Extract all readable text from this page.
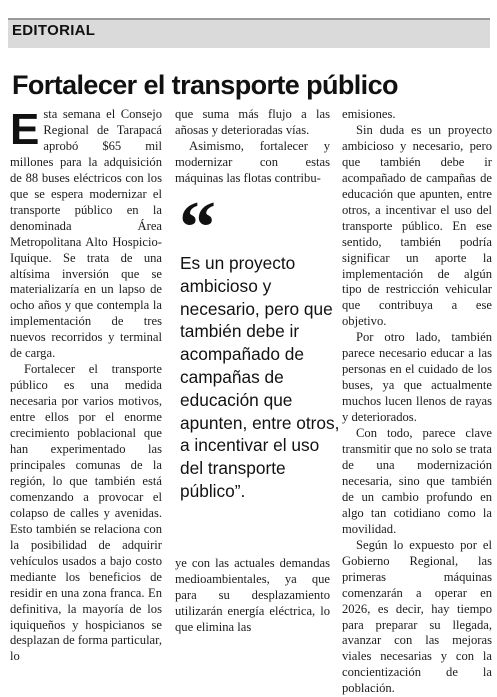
EDITORIAL
Fortalecer el transporte público

Esta semana el Consejo Regional de Tarapacá aprobó $65 mil millones para la adquisición de 88 buses eléctricos con los que se espera modernizar el transporte público en la denominada Área Metropolitana Alto Hospicio-Iquique. Se trata de una altísima inversión que se materializaría en un lapso de ocho años y que contempla la implementación de tres nuevos recorridos y terminal de carga.

Fortalecer el transporte público es una medida necesaria por varios motivos, entre ellos por el enorme crecimiento poblacional que han experimentado las principales comunas de la región, lo que también está comenzando a provocar el colapso de calles y avenidas. Esto también se relaciona con la posibilidad de adquirir vehículos usados a bajo costo mediante los beneficios de residir en una zona franca. En definitiva, la mayoría de los iquiqueños y hospicianos se desplazan de forma particular, lo

que suma más flujo a las añosas y deterioradas vías.

Asimismo, fortalecer y modernizar con estas máquinas las flotas contribu-

“
Es un proyecto ambicioso y necesario, pero que también debe ir acompañado de campañas de educación que apunten, entre otros, a incentivar el uso del transporte público”.

ye con las actuales demandas medioambientales, ya que para su desplazamiento utilizarán energía eléctrica, lo que elimina las

emisiones.

Sin duda es un proyecto ambicioso y necesario, pero que también debe ir acompañado de campañas de educación que apunten, entre otros, a incentivar el uso del transporte público. En ese sentido, también podría significar un aporte la implementación de algún tipo de restricción vehicular que contribuya a ese objetivo.

Por otro lado, también parece necesario educar a las personas en el cuidado de los buses, ya que actualmente muchos lucen llenos de rayas y deteriorados.

Con todo, parece clave transmitir que no solo se trata de una modernización necesaria, sino que también de un cambio profundo en algo tan cotidiano como la movilidad.

Según lo expuesto por el Gobierno Regional, las primeras máquinas comenzarán a operar en 2026, es decir, hay tiempo para preparar su llegada, avanzar con las mejoras viales necesarias y con la concientización de la población.
